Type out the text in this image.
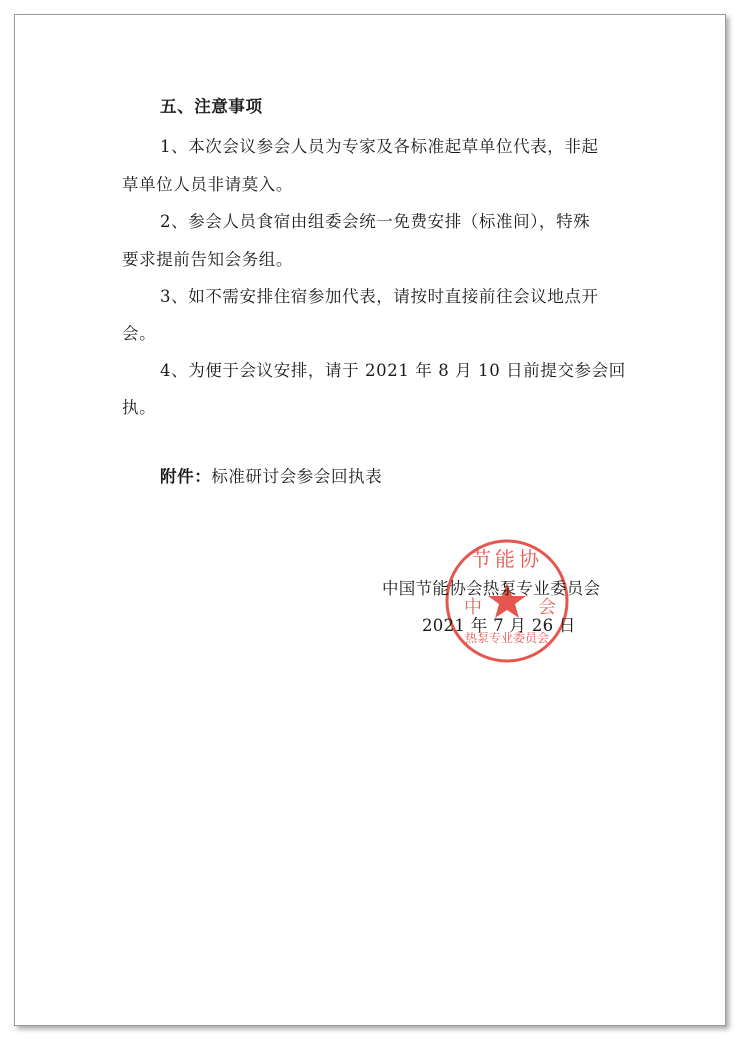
五、注意事项
1、本次会议参会人员为专家及各标准起草单位代表，非起
草单位人员非请莫入。
2、参会人员食宿由组委会统一免费安排（标准间），特殊
要求提前告知会务组。
3、如不需安排住宿参加代表，请按时直接前往会议地点开
会。
4、为便于会议安排，请于 2021 年 8 月 10 日前提交参会回
执。
附件：标准研讨会参会回执表
节能协
中	会
热泵专业委员会
中国节能协会热泵专业委员会
2021 年 7 月 26 日
